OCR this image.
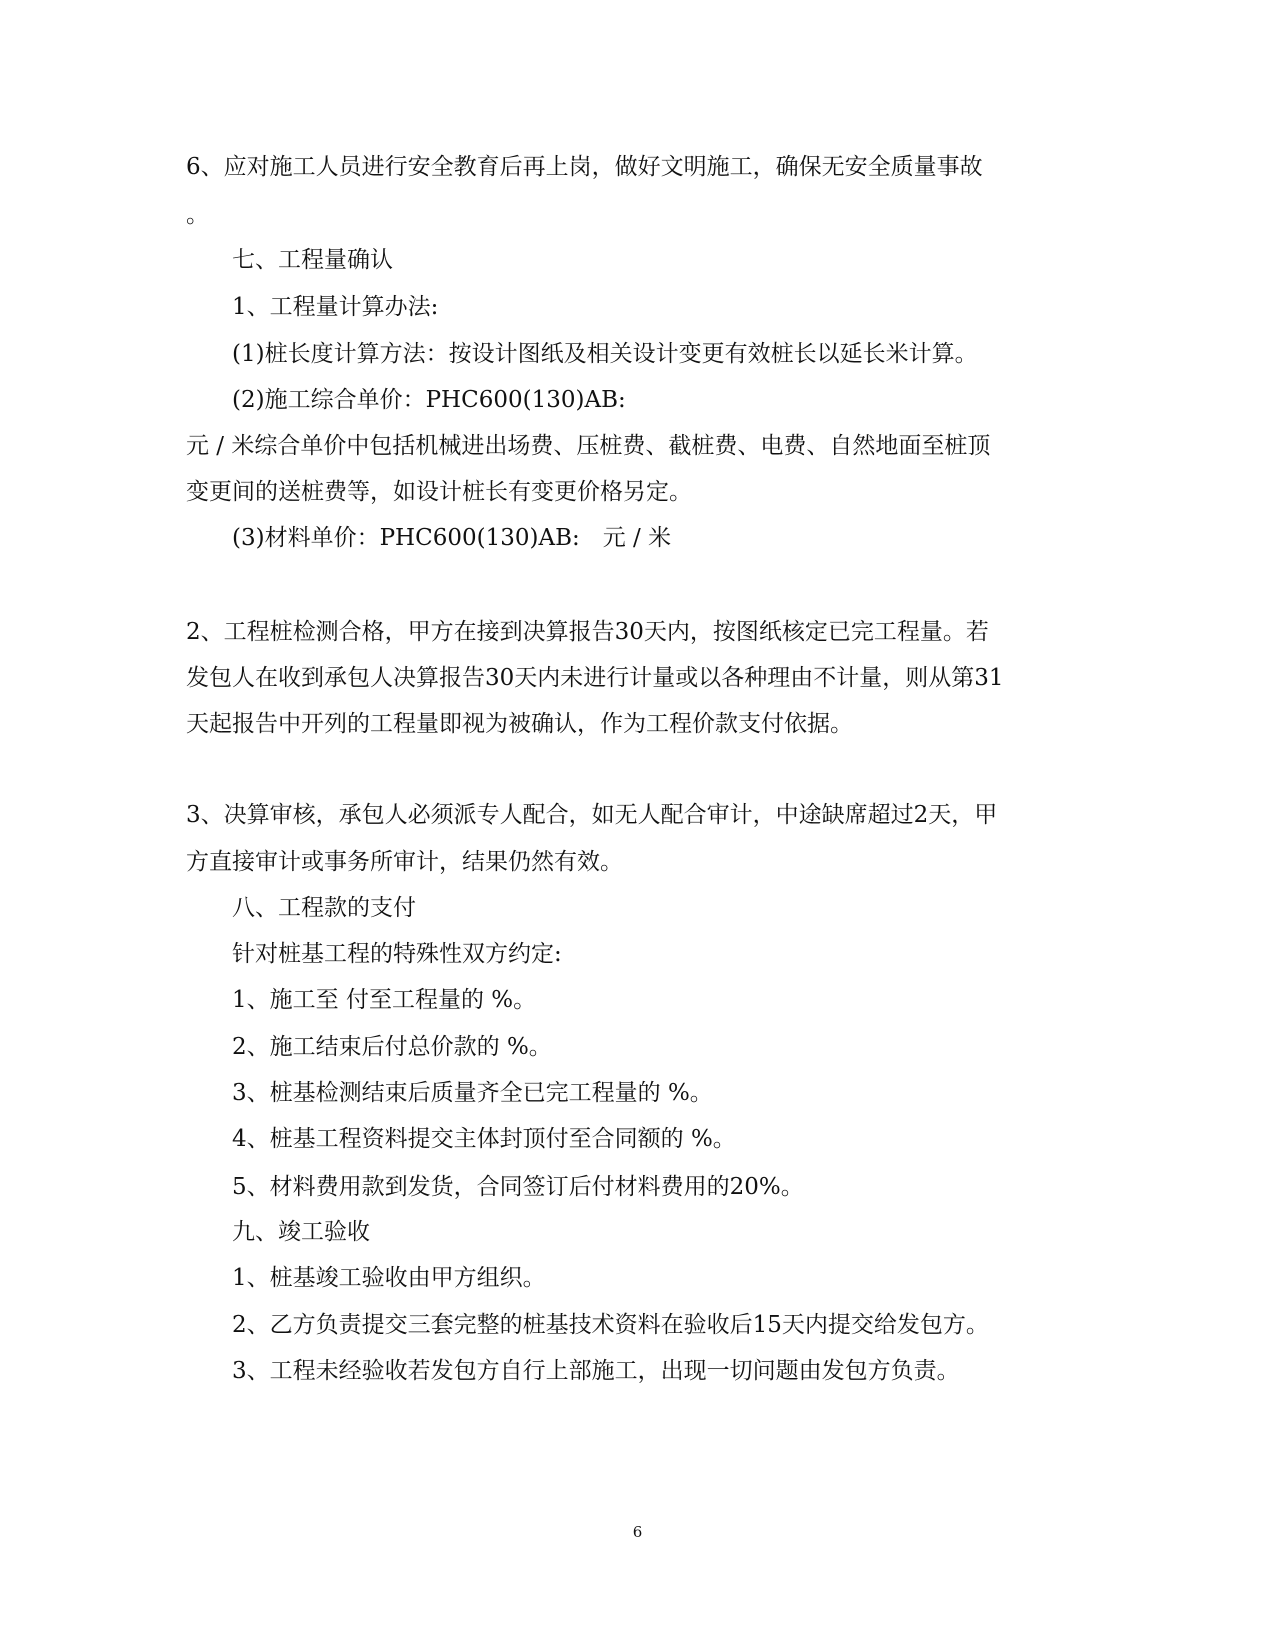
6、应对施工人员进行安全教育后再上岗，做好文明施工，确保无安全质量事故
。
七、工程量确认
1、工程量计算办法:
(1)桩长度计算方法：按设计图纸及相关设计变更有效桩长以延长米计算。
(2)施工综合单价：PHC600(130)AB:
元 / 米综合单价中包括机械进出场费、压桩费、截桩费、电费、自然地面至桩顶
变更间的送桩费等，如设计桩长有变更价格另定。
(3)材料单价：PHC600(130)AB:　元 / 米
2、工程桩检测合格，甲方在接到决算报告30天内，按图纸核定已完工程量。若
发包人在收到承包人决算报告30天内未进行计量或以各种理由不计量，则从第31
天起报告中开列的工程量即视为被确认，作为工程价款支付依据。
3、决算审核，承包人必须派专人配合，如无人配合审计，中途缺席超过2天，甲
方直接审计或事务所审计，结果仍然有效。
八、工程款的支付
针对桩基工程的特殊性双方约定:
1、施工至 付至工程量的 %。
2、施工结束后付总价款的 %。
3、桩基检测结束后质量齐全已完工程量的 %。
4、桩基工程资料提交主体封顶付至合同额的 %。
5、材料费用款到发货，合同签订后付材料费用的20%。
九、竣工验收
1、桩基竣工验收由甲方组织。
2、乙方负责提交三套完整的桩基技术资料在验收后15天内提交给发包方。
3、工程未经验收若发包方自行上部施工，出现一切问题由发包方负责。
6
